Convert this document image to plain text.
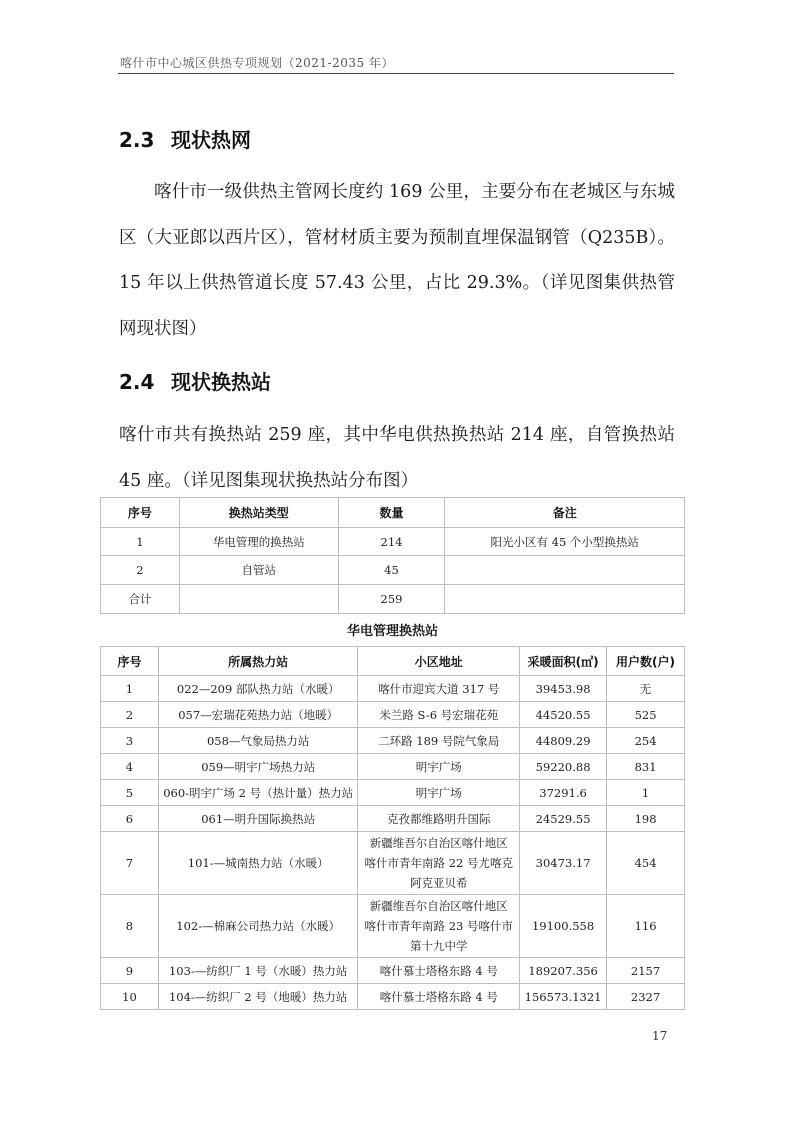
喀什市中心城区供热专项规划（2021-2035 年）
2.3 现状热网

喀什市一级供热主管网长度约 169 公里，主要分布在老城区与东城区（大亚郎以西片区），管材材质主要为预制直埋保温钢管（Q235B）。15 年以上供热管道长度 57.43 公里，占比 29.3%。（详见图集供热管网现状图）

2.4 现状换热站

喀什市共有换热站 259 座，其中华电供热换热站 214 座，自管换热站 45 座。（详见图集现状换热站分布图）

序号	换热站类型	数量	备注
1	华电管理的换热站	214	阳光小区有 45 个小型换热站
2	自管站	45	
合计		259	
华电管理换热站
序号	所属热力站	小区地址	采暖面积(㎡)	用户数(户)
1	022—209 部队热力站（水暖）	喀什市迎宾大道 317 号	39453.98	无
2	057—宏瑞花苑热力站（地暖）	米兰路 S-6 号宏瑞花苑	44520.55	525
3	058—气象局热力站	二环路 189 号院气象局	44809.29	254
4	059—明宇广场热力站	明宇广场	59220.88	831
5	060-明宇广场 2 号（热计量）热力站	明宇广场	37291.6	1
6	061—明升国际换热站	克孜都维路明升国际	24529.55	198
7	101-—城南热力站（水暖）	新疆维吾尔自治区喀什地区
喀什市青年南路 22 号尤喀克
阿克亚贝希	30473.17	454
8	102-—棉麻公司热力站（水暖）	新疆维吾尔自治区喀什地区
喀什市青年南路 23 号喀什市
第十九中学	19100.558	116
9	103-—纺织厂 1 号（水暖）热力站	喀什慕士塔格东路 4 号	189207.356	2157
10	104-—纺织厂 2 号（地暖）热力站	喀什慕士塔格东路 4 号	156573.1321	2327
17
